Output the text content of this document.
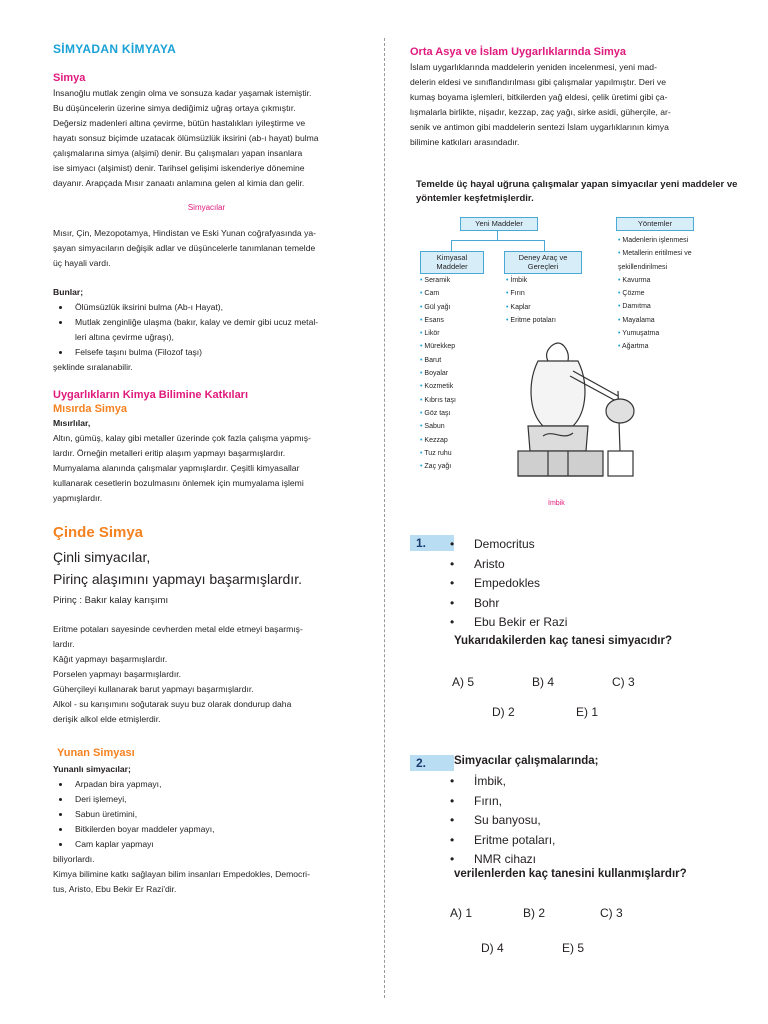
SİMYADAN KİMYAYA
Simya

İnsanoğlu mutlak zengin olma ve sonsuza kadar yaşamak istemiştir.

Bu düşüncelerin üzerine simya dediğimiz uğraş ortaya çıkmıştır.

Değersiz madenleri altına çevirme, bütün hastalıkları iyileştirme ve

hayatı sonsuz biçimde uzatacak ölümsüzlük iksirini (ab-ı hayat) bulma

çalışmalarına simya (alşimi) denir. Bu çalışmaları yapan insanlara

ise simyacı (alşimist) denir. Tarihsel gelişimi iskenderiye dönemine

dayanır. Arapçada Mısır zanaatı anlamına gelen al kimia dan gelir.

Simyacılar

Mısır, Çin, Mezopotamya, Hindistan ve Eski Yunan coğrafyasında ya-

şayan simyacıların değişik adlar ve düşüncelerle tanımlanan temelde

üç hayali vardı.

Bunlar;
• Ölümsüzlük iksirini bulma (Ab-ı Hayat),
• Mutlak zenginliğe ulaşma (bakır, kalay ve demir gibi ucuz metal-
leri altına çevirme uğraşı),
• Felsefe taşını bulma (Filozof taşı)
şeklinde sıralanabilir.
Uygarlıkların Kimya Bilimine Katkıları
Mısırda Simya
Mısırlılar,

Altın, gümüş, kalay gibi metaller üzerinde çok fazla çalışma yapmış-

lardır. Örneğin metalleri eritip alaşım yapmayı başarmışlardır.

Mumyalama alanında çalışmalar yapmışlardır. Çeşitli kimyasallar

kullanarak cesetlerin bozulmasını önlemek için mumyalama işlemi

yapmışlardır.

Çinde Simya
Çinli simyacılar,
Pirinç alaşımını yapmayı başarmışlardır.
Pirinç : Bakır kalay karışımı

Eritme potaları sayesinde cevherden metal elde etmeyi başarmış-

lardır.

Kâğıt yapmayı başarmışlardır.

Porselen yapmayı başarmışlardır.

Güherçileyi kullanarak barut yapmayı başarmışlardır.

Alkol - su karışımını soğutarak suyu buz olarak dondurup daha

derişik alkol elde etmişlerdir.

Yunan Simyası
Yunanlı simyacılar;
• Arpadan bira yapmayı,
• Deri işlemeyi,
• Sabun üretimini,
• Bitkilerden boyar maddeler yapmayı,
• Cam kaplar yapmayı
biliyorlardı.

Kimya bilimine katkı sağlayan bilim insanları Empedokles, Democri-

tus, Aristo, Ebu Bekir Er Razi'dir.

Orta Asya ve İslam Uygarlıklarında Simya

İslam uygarlıklarında maddelerin yeniden incelenmesi, yeni mad-

delerin eldesi ve sınıflandırılması gibi çalışmalar yapılmıştır. Deri ve

kumaş boyama işlemleri, bitkilerden yağ eldesi, çelik üretimi gibi ça-

lışmalarla birlikte, nişadır, kezzap, zaç yağı, sirke asidi, güherçile, ar-

senik ve antimon gibi maddelerin sentezi İslam uygarlıklarının kimya

bilimine katkıları arasındadır.

Temelde üç hayal uğruna çalışmalar yapan simyacılar yeni maddeler ve yöntemler keşfetmişlerdir.
Yeni Maddeler	Yöntemler
Kimyasal Maddeler
Deney Araç ve Gereçleri
• Seramik
• Cam
• Gül yağı
• Esans
• Likör
• Mürekkep
• Barut
• Boyalar
• Kozmetik
• Kıbrıs taşı
• Göz taşı
• Sabun
• Kezzap
• Tuz ruhu
• Zaç yağı
• İmbik
• Fırın
• Kaplar
• Eritme potaları
• Madenlerin işlenmesi
• Metallerin eritilmesi ve şekillendirilmesi
• Kavurma
• Çözme
• Damıtma
• Mayalama
• Yumuşatma
• Ağartma
İmbik
1.
•	Democritus
• Aristo
• Empedokles
• Bohr
• Ebu Bekir er Razi
Yukarıdakilerden kaç tanesi simyacıdır?
A) 5	B) 4	C) 3
D) 2	E) 1
2.	Simyacılar çalışmalarında;
• İmbik,
• Fırın,
• Su banyosu,
• Eritme potaları,
• NMR cihazı
verilenlerden kaç tanesini kullanmışlardır?
A) 1	B) 2	C) 3
D) 4	E) 5
